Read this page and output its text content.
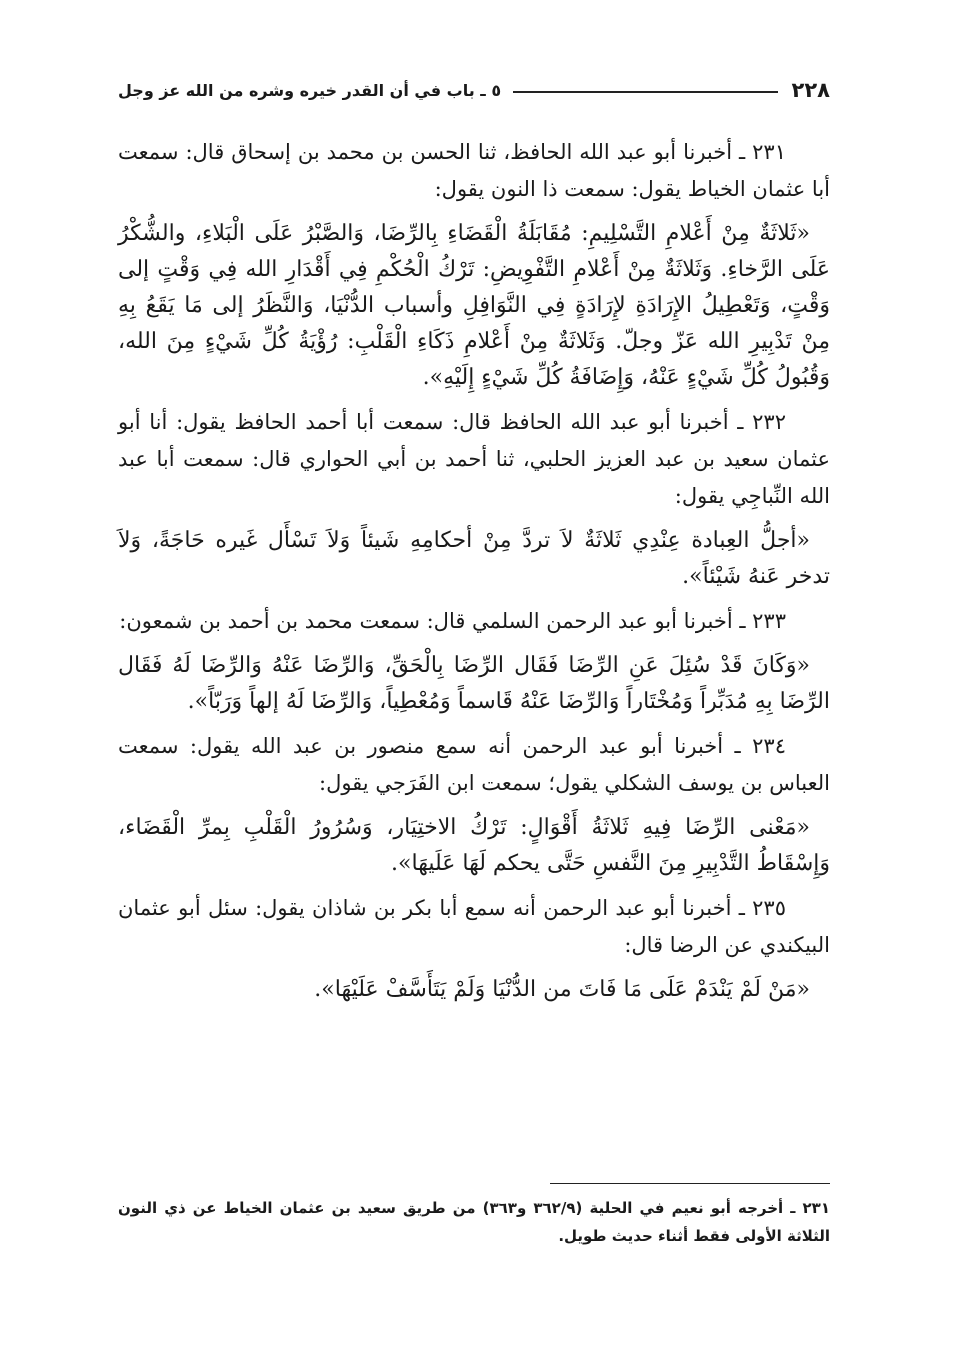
٢٢٨
٥ ـ باب في أن القدر خيره وشره من الله عز وجل

٢٣١ ـ أخبرنا أبو عبد الله الحافظ، ثنا الحسن بن محمد بن إسحاق قال: سمعت أبا عثمان الخياط يقول: سمعت ذا النون يقول:

«ثَلاثَةٌ مِنْ أَعْلامِ التَّسْلِيمِ: مُقَابَلَةُ الْقَضَاءِ بِالرِّضَا، وَالصَّبْرُ عَلَى الْبَلاءِ، والشُّكْرُ عَلَى الرَّخاءِ. وَثَلاثَةٌ مِنْ أَعْلامِ التَّفْوِيضِ: تَرْكُ الْحُكْمِ فِي أَقْدَارِ الله فِي وَقْتٍ إلى وَقْتٍ، وَتَعْطِيلُ الإِرَادَةِ لإِرَادَةٍ فِي النَّوَافِلِ وأسباب الدُّنْيَا، وَالنَّظَرُ إلى مَا يَقَعُ بِهِ مِنْ تَدْبِيرِ الله عَزّ وجلّ. وَثَلاثَةٌ مِنْ أَعْلامِ ذَكَاءِ الْقَلْبِ: رُؤْيَةُ كُلِّ شَيْءٍ مِنَ الله، وَقُبُولُ كُلِّ شَيْءٍ عَنْهُ، وَإِضَافَةُ كُلِّ شَيْءٍ إِلَيْهِ».

٢٣٢ ـ أخبرنا أبو عبد الله الحافظ قال: سمعت أبا أحمد الحافظ يقول: أنا أبو عثمان سعيد بن عبد العزيز الحلبي، ثنا أحمد بن أبي الحواري قال: سمعت أبا عبد الله النِّباجِي يقول:

«أجلُّ العِبادة عِنْدِي ثَلاثَةٌ لاَ تردَّ مِنْ أحكامِهِ شَيئاً وَلاَ تَسْأَل غَيره حَاجَةً، وَلاَ تدخر عَنهُ شَيْئاً».

٢٣٣ ـ أخبرنا أبو عبد الرحمن السلمي قال: سمعت محمد بن أحمد بن شمعون:

«وَكَانَ قَدْ سُئِلَ عَنِ الرِّضَا فَقَال الرِّضَا بِالْحَقِّ، وَالرِّضَا عَنْهُ وَالرِّضَا لَهُ فَقَال الرِّضَا بِهِ مُدَبِّراً وَمُخْتَاراً وَالرِّضَا عَنْهُ قَاسماً وَمُعْطِياً، وَالرِّضَا لَهُ إلهاً وَرَبّاً».

٢٣٤ ـ أخبرنا أبو عبد الرحمن أنه سمع منصور بن عبد الله يقول: سمعت العباس بن يوسف الشكلي يقول؛ سمعت ابن الفَرَجي يقول:

«مَعْنى الرِّضَا فِيهِ ثَلاثَةُ أَقْوَالٍ: تَرْكُ الاختِيَار، وَسُرُورُ الْقَلْبِ بِمرِّ الْقَضَاء، وَإِسْقَاطُ التَّدْبِيرِ مِنَ النَّفسِ حَتَّى يحكم لَهَا عَلَيهَا».

٢٣٥ ـ أخبرنا أبو عبد الرحمن أنه سمع أبا بكر بن شاذان يقول: سئل أبو عثمان البيكندي عن الرضا قال:

«مَنْ لَمْ يَنْدَمْ عَلَى مَا فَاتَ من الدُّنْيَا وَلَمْ يَتَأَسَّفْ عَلَيْهَا».

٢٣١ ـ أخرجه أبو نعيم في الحلية (٣٦٢/٩ و٣٦٣) من طريق سعيد بن عثمان الخياط عن ذي النون الثلاثة الأولى فقط أثناء حديث طويل.
